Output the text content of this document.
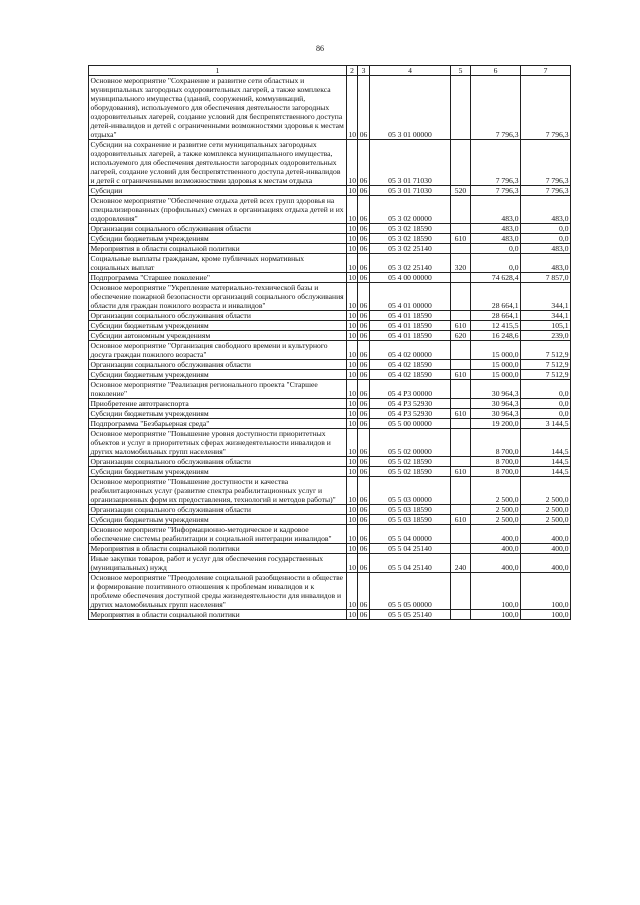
86
1	2	3	4	5	6	7
Основное мероприятие "Сохранение и развитие сети областных и муниципальных загородных оздоровительных лагерей, а также комплекса муниципального имущества (зданий, сооружений, коммуникаций, оборудования), используемого для обеспечения деятельности загородных оздоровительных лагерей, создание условий для беспрепятственного доступа детей-инвалидов и детей с ограниченными возможностями здоровья к местам отдыха"	10	06	05 3 01 00000		7 796,3	7 796,3
Субсидии на сохранение и развитие сети муниципальных загородных оздоровительных лагерей, а также комплекса муниципального имущества, используемого для обеспечения деятельности загородных оздоровительных лагерей, создание условий для беспрепятственного доступа детей-инвалидов и детей с ограниченными возможностями здоровья к местам отдыха	10	06	05 3 01 71030		7 796,3	7 796,3
Субсидии	10	06	05 3 01 71030	520	7 796,3	7 796,3
Основное мероприятие "Обеспечение отдыха детей всех групп здоровья на специализированных (профильных) сменах в организациях отдыха детей и их оздоровления"	10	06	05 3 02 00000		483,0	483,0
Организации социального обслуживания области	10	06	05 3 02 18590		483,0	0,0
Субсидии бюджетным учреждениям	10	06	05 3 02 18590	610	483,0	0,0
Мероприятия в области социальной политики	10	06	05 3 02 25140		0,0	483,0
Социальные выплаты гражданам, кроме публичных нормативных социальных выплат	10	06	05 3 02 25140	320	0,0	483,0
Подпрограмма "Старшее поколение"	10	06	05 4 00 00000		74 628,4	7 857,0
Основное мероприятие "Укрепление материально-технической базы и обеспечение пожарной безопасности организаций социального обслуживания области для граждан пожилого возраста и инвалидов"	10	06	05 4 01 00000		28 664,1	344,1
Организации социального обслуживания области	10	06	05 4 01 18590		28 664,1	344,1
Субсидии бюджетным учреждениям	10	06	05 4 01 18590	610	12 415,5	105,1
Субсидии автономным учреждениям	10	06	05 4 01 18590	620	16 248,6	239,0
Основное мероприятие "Организация свободного времени и культурного досуга граждан пожилого возраста"	10	06	05 4 02 00000		15 000,0	7 512,9
Организации социального обслуживания области	10	06	05 4 02 18590		15 000,0	7 512,9
Субсидии бюджетным учреждениям	10	06	05 4 02 18590	610	15 000,0	7 512,9
Основное мероприятие "Реализация регионального проекта "Старшее поколение"	10	06	05 4 P3 00000		30 964,3	0,0
Приобретение автотранспорта	10	06	05 4 P3 52930		30 964,3	0,0
Субсидии бюджетным учреждениям	10	06	05 4 P3 52930	610	30 964,3	0,0
Подпрограмма "Безбарьерная среда"	10	06	05 5 00 00000		19 200,0	3 144,5
Основное мероприятие "Повышение уровня доступности приоритетных объектов и услуг в приоритетных сферах жизнедеятельности инвалидов и других маломобильных групп населения"	10	06	05 5 02 00000		8 700,0	144,5
Организации социального обслуживания области	10	06	05 5 02 18590		8 700,0	144,5
Субсидии бюджетным учреждениям	10	06	05 5 02 18590	610	8 700,0	144,5
Основное мероприятие "Повышение доступности и качества реабилитационных услуг (развитие спектра реабилитационных услуг и организационных форм их предоставления, технологий и методов работы)"	10	06	05 5 03 00000		2 500,0	2 500,0
Организации социального обслуживания области	10	06	05 5 03 18590		2 500,0	2 500,0
Субсидии бюджетным учреждениям	10	06	05 5 03 18590	610	2 500,0	2 500,0
Основное мероприятие "Информационно-методическое и кадровое обеспечение системы реабилитации и социальной интеграции инвалидов"	10	06	05 5 04 00000		400,0	400,0
Мероприятия в области социальной политики	10	06	05 5 04 25140		400,0	400,0
Иные закупки товаров, работ и услуг для обеспечения государственных (муниципальных) нужд	10	06	05 5 04 25140	240	400,0	400,0
Основное мероприятие "Преодоление социальной разобщенности в обществе и формирование позитивного отношения к проблемам инвалидов и к проблеме обеспечения доступной среды жизнедеятельности для инвалидов и других маломобильных групп населения"	10	06	05 5 05 00000		100,0	100,0
Мероприятия в области социальной политики	10	06	05 5 05 25140		100,0	100,0
